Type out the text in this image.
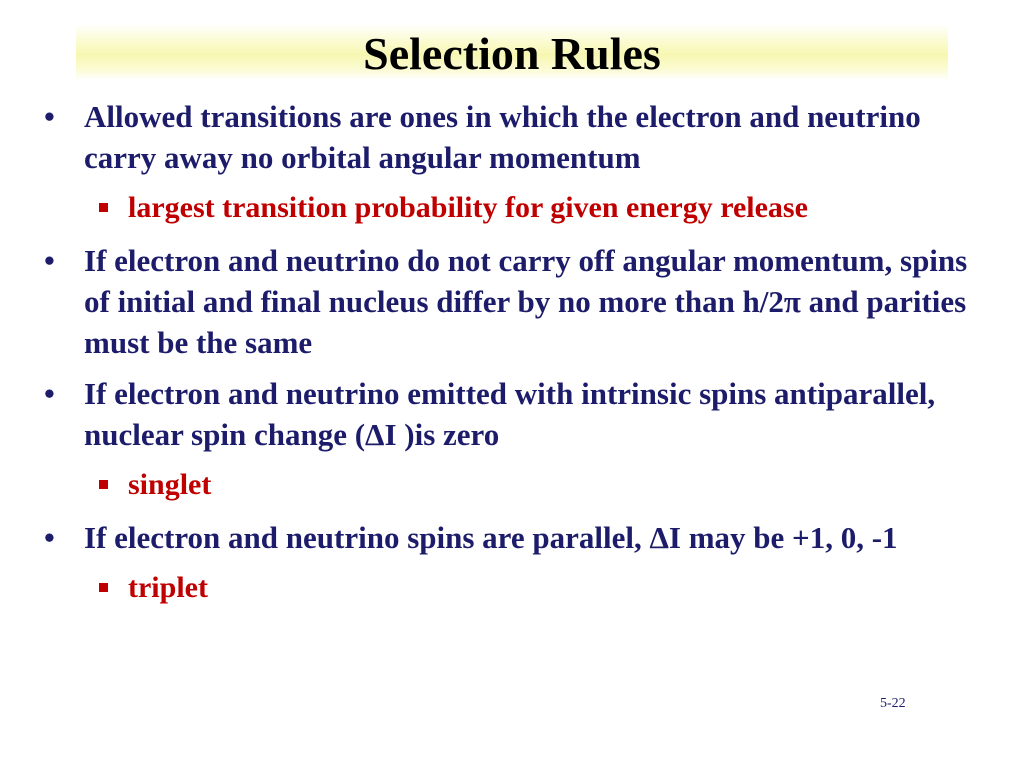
Selection Rules
• Allowed transitions are ones in which the electron and neutrino carry away no orbital angular momentum
largest transition probability for given energy release
• If electron and neutrino do not carry off angular momentum, spins of initial and final nucleus differ by no more than h/2π and parities must be the same
• If electron and neutrino emitted with intrinsic spins antiparallel, nuclear spin change (ΔI )is zero
singlet
• If electron and neutrino spins are parallel, ΔI may be +1, 0, -1
triplet
5-22
